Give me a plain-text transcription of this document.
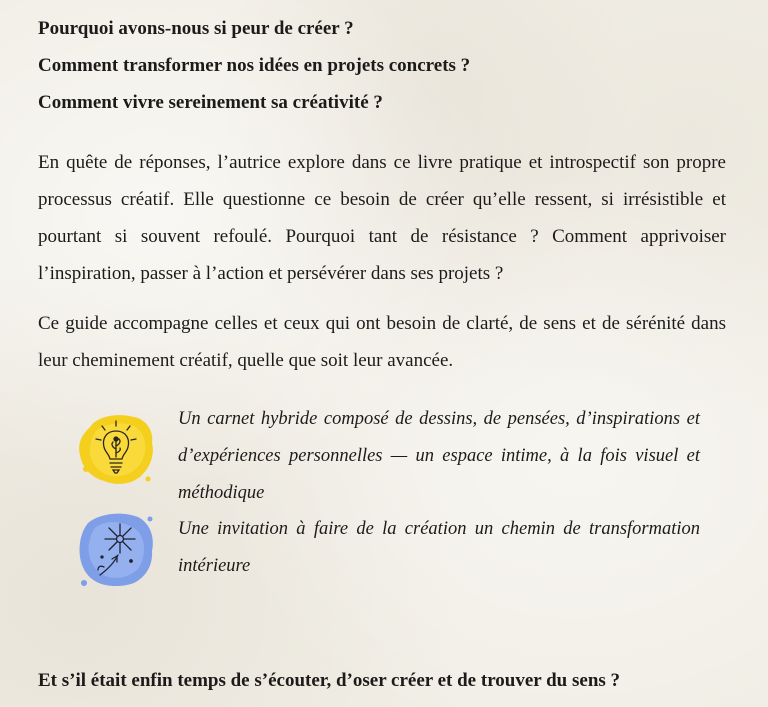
Pourquoi avons-nous si peur de créer ?

Comment transformer nos idées en projets concrets ?

Comment vivre sereinement sa créativité ?

En quête de réponses, l’autrice explore dans ce livre pratique et introspectif son propre processus créatif. Elle questionne ce besoin de créer qu’elle ressent, si irrésistible et pourtant si souvent refoulé. Pourquoi tant de résistance ? Comment apprivoiser l’inspiration, passer à l’action et persévérer dans ses projets ?

Ce guide accompagne celles et ceux qui ont besoin de clarté, de sens et de sérénité dans leur cheminement créatif, quelle que soit leur avancée.

Un carnet hybride composé de dessins, de pensées, d’inspirations et d’expériences personnelles — un espace intime, à la fois visuel et méthodique

Une invitation à faire de la création un chemin de transformation intérieure

Et s’il était enfin temps de s’écouter, d’oser créer et de trouver du sens ?
